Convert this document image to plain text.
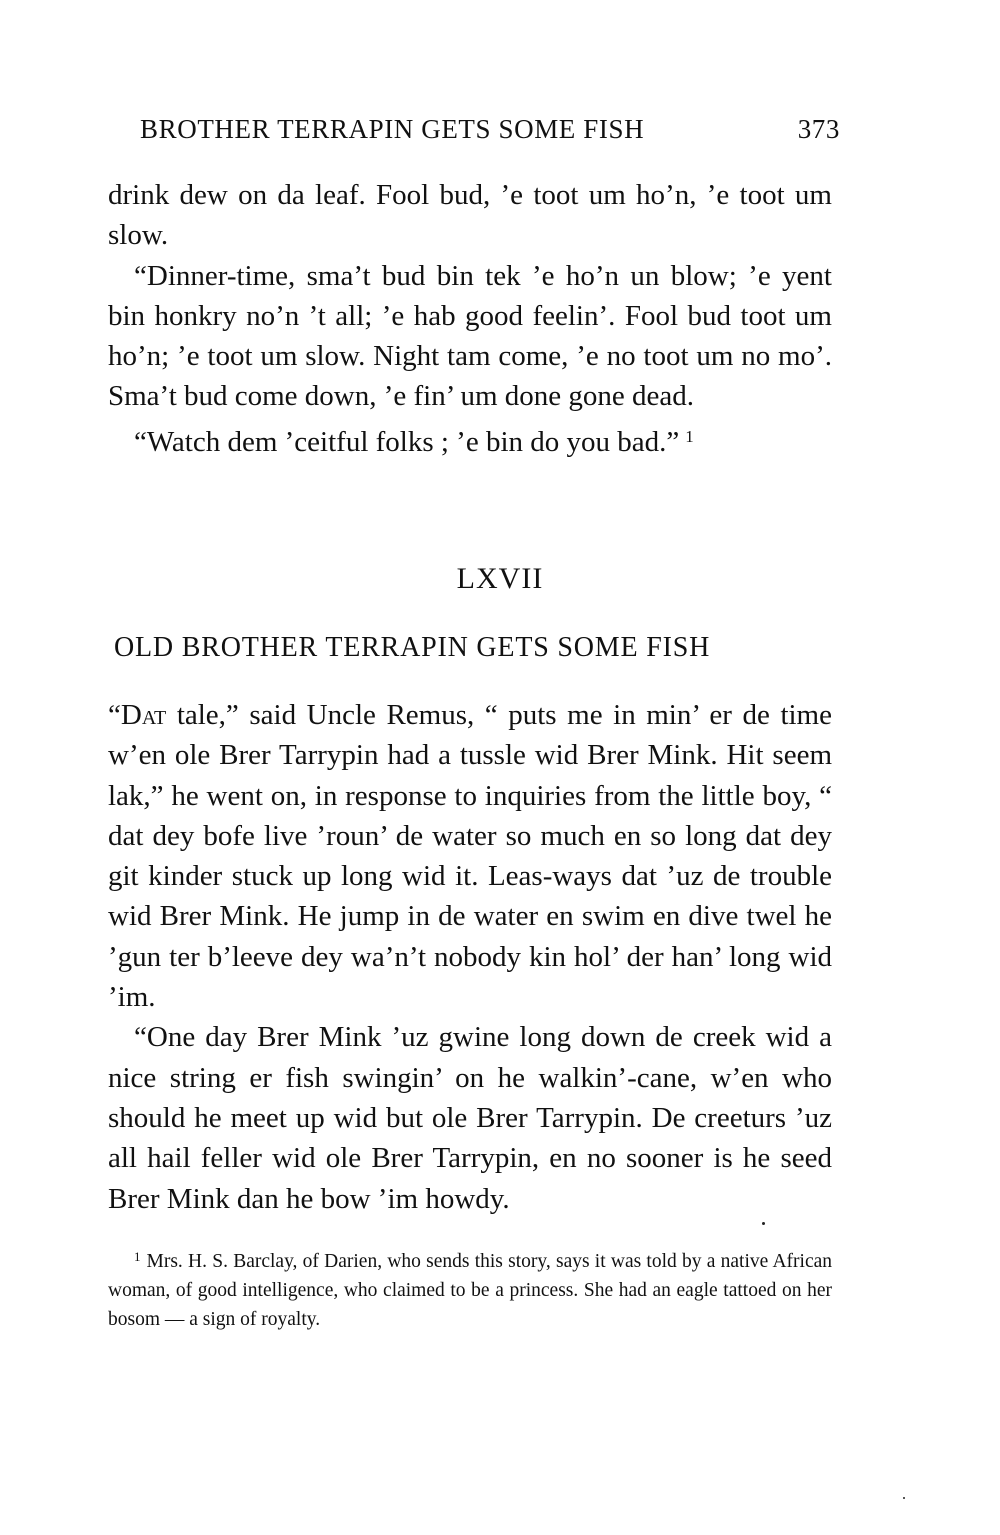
BROTHER TERRAPIN GETS SOME FISH	373

drink dew on da leaf. Fool bud, ’e toot um ho’n, ’e toot um slow.

“Dinner-time, sma’t bud bin tek ’e ho’n un blow; ’e yent bin honkry no’n ’t all; ’e hab good feelin’. Fool bud toot um ho’n; ’e toot um slow. Night tam come, ’e no toot um no mo’. Sma’t bud come down, ’e fin’ um done gone dead.

“Watch dem ’ceitful folks ; ’e bin do you bad.” $^1$

LXVII
OLD BROTHER TERRAPIN GETS SOME FISH

“Dat tale,” said Uncle Remus, “ puts me in min’ er de time w’en ole Brer Tarrypin had a tussle wid Brer Mink. Hit seem lak,” he went on, in response to inquiries from the little boy, “ dat dey bofe live ’roun’ de water so much en so long dat dey git kinder stuck up long wid it. Leas-ways dat ’uz de trouble wid Brer Mink. He jump in de water en swim en dive twel he ’gun ter b’leeve dey wa’n’t nobody kin hol’ der han’ long wid ’im.

“One day Brer Mink ’uz gwine long down de creek wid a nice string er fish swingin’ on he walkin’-cane, w’en who should he meet up wid but ole Brer Tarrypin. De creeturs ’uz all hail feller wid ole Brer Tarrypin, en no sooner is he seed Brer Mink dan he bow ’im howdy.

$^1$ Mrs. H. S. Barclay, of Darien, who sends this story, says it was told by a native African woman, of good intelligence, who claimed to be a princess. She had an eagle tattoed on her bosom — a sign of royalty.
